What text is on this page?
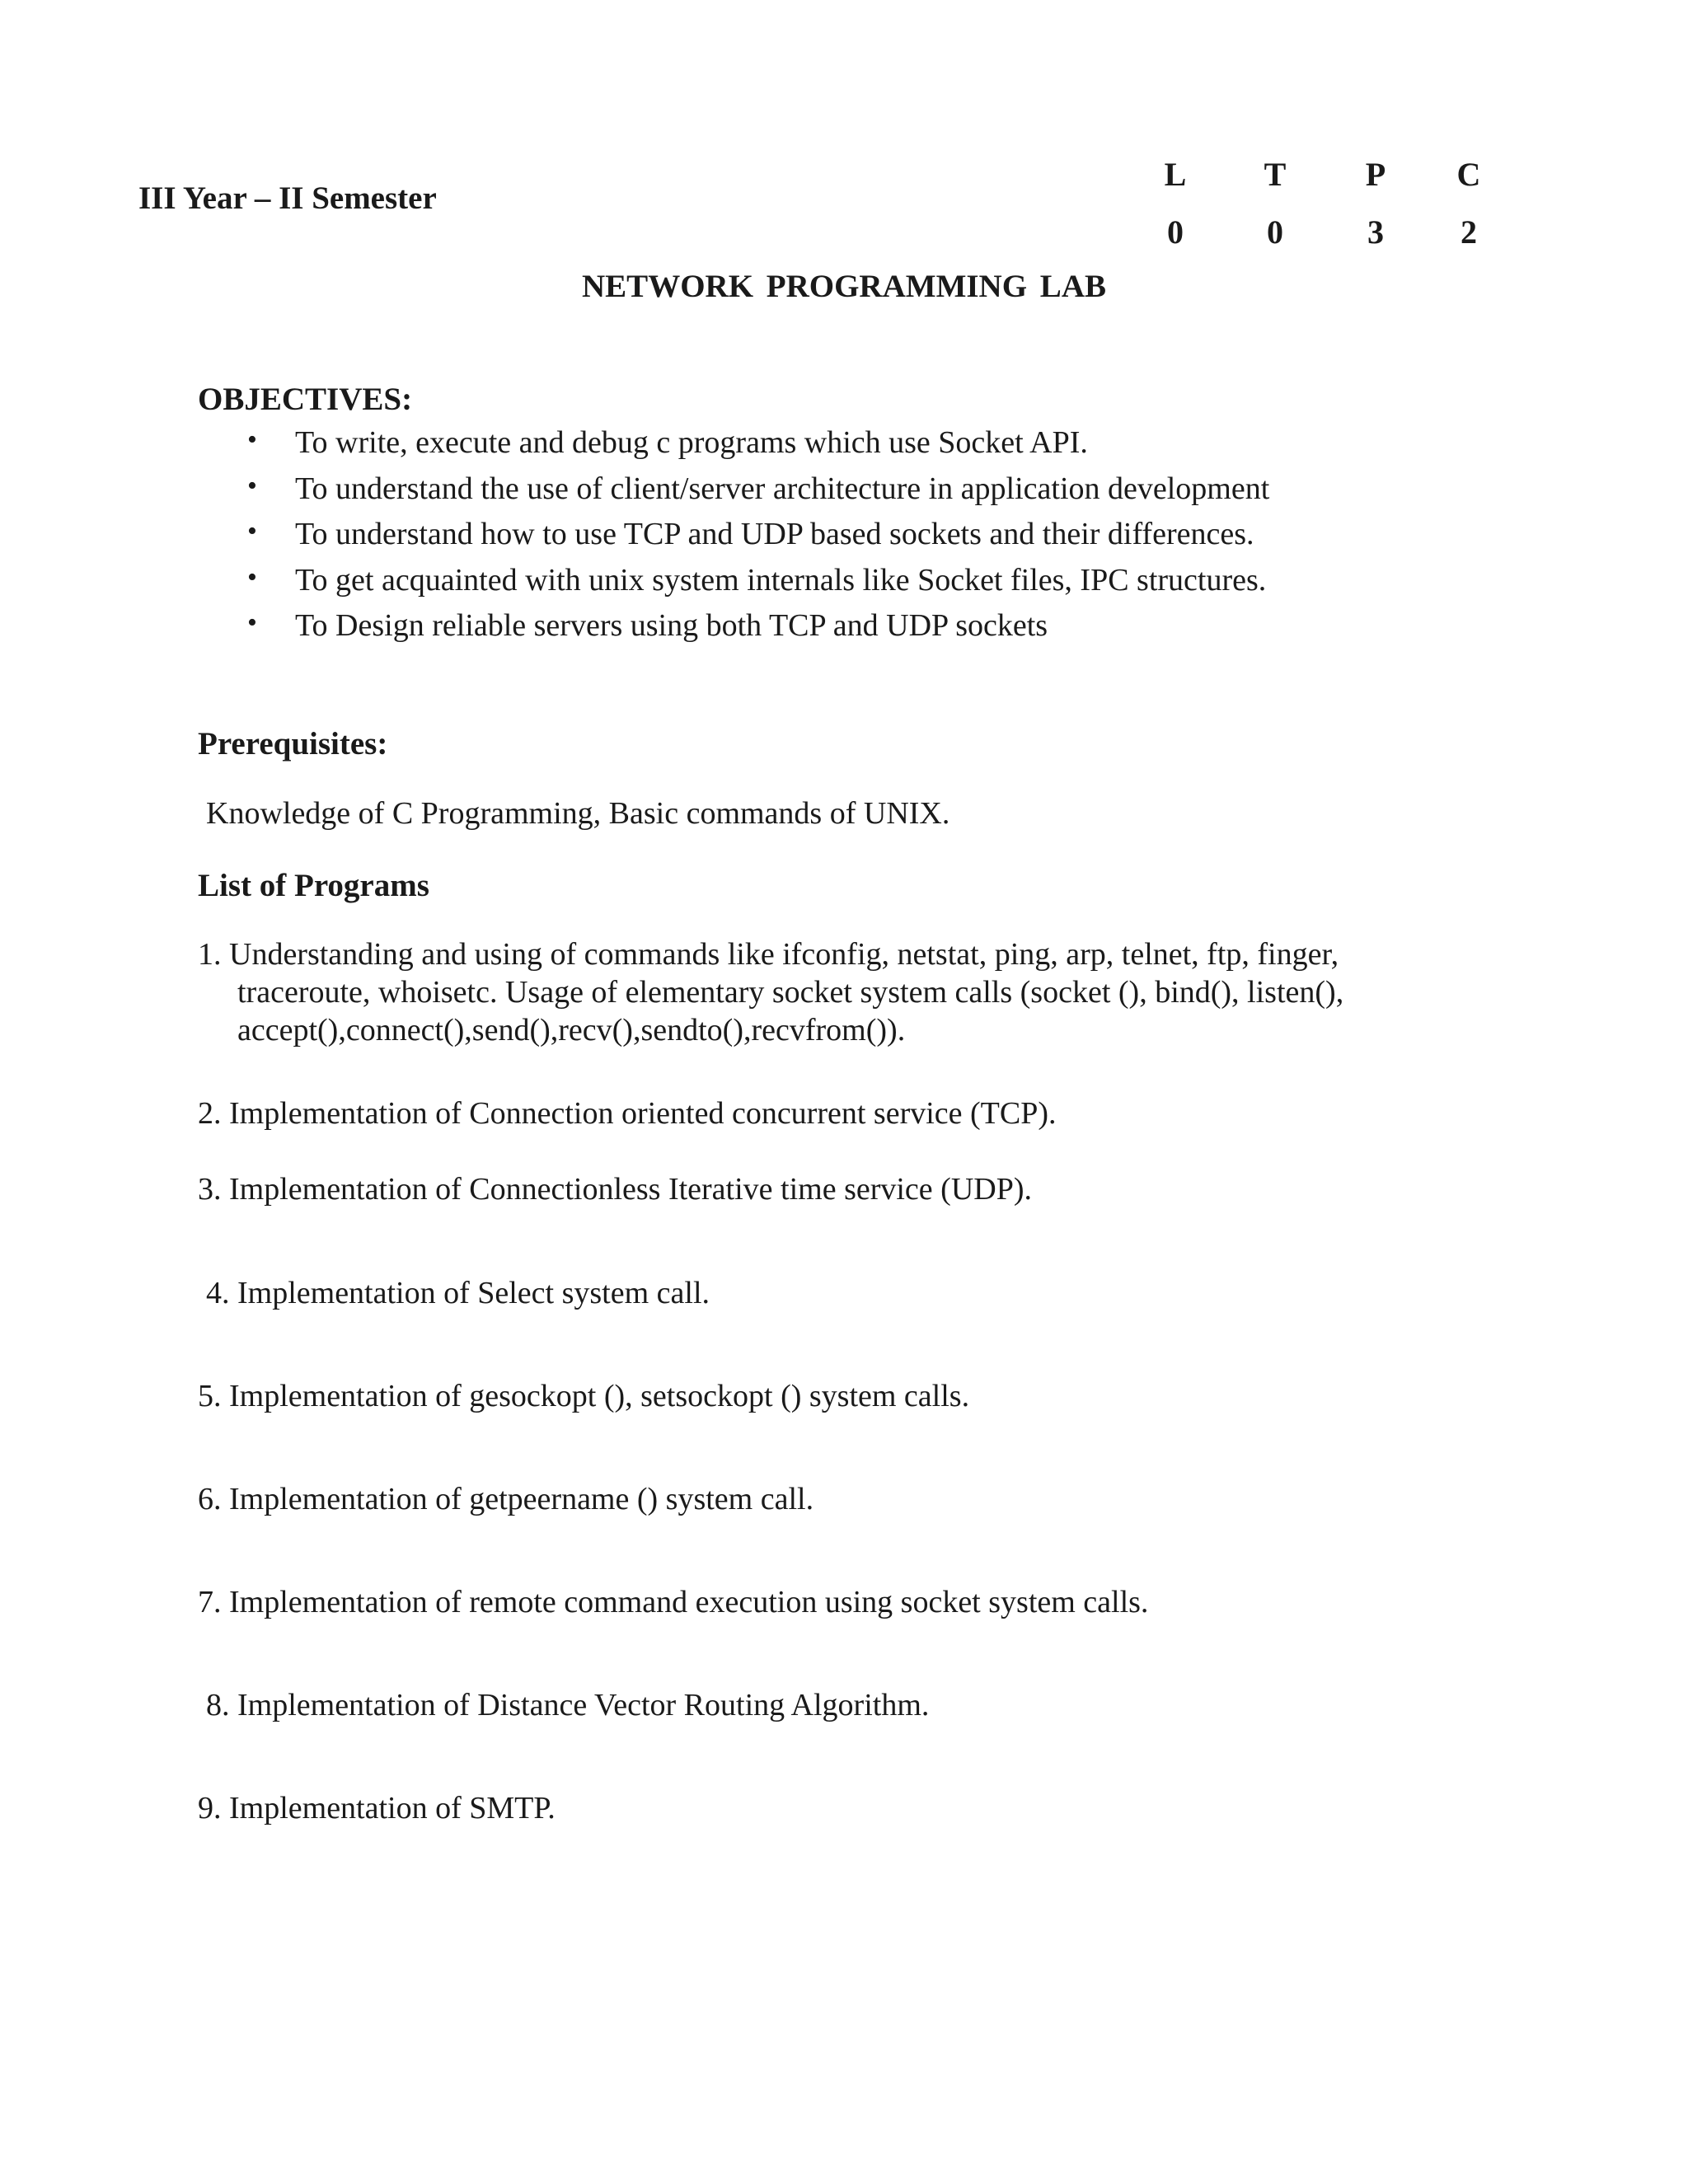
III Year – II Semester
L	T	P	C
0	0	3	2
NETWORK PROGRAMMING LAB
OBJECTIVES:
• To write, execute and debug c programs which use Socket API.
• To understand the use of client/server architecture in application development
• To understand how to use TCP and UDP based sockets and their differences.
• To get acquainted with unix system internals like Socket files, IPC structures.
• To Design reliable servers using both TCP and UDP sockets
Prerequisites:
Knowledge of C Programming, Basic commands of UNIX.
List of Programs
1. Understanding and using of commands like ifconfig, netstat, ping, arp, telnet, ftp, finger,
traceroute, whoisetc. Usage of elementary socket system calls (socket (), bind(), listen(),
accept(),connect(),send(),recv(),sendto(),recvfrom()).
2. Implementation of Connection oriented concurrent service (TCP).
3. Implementation of Connectionless Iterative time service (UDP).
4. Implementation of Select system call.
5. Implementation of gesockopt (), setsockopt () system calls.
6. Implementation of getpeername () system call.
7. Implementation of remote command execution using socket system calls.
8. Implementation of Distance Vector Routing Algorithm.
9. Implementation of SMTP.
